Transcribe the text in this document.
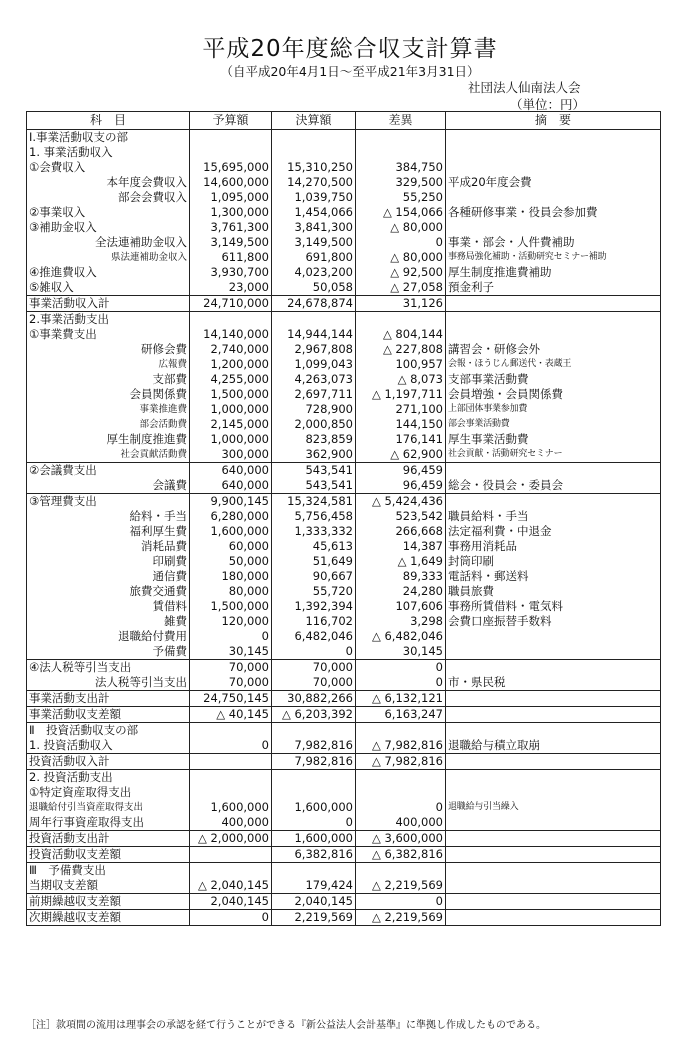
平成20年度総合収支計算書
（自平成20年4月1日～至平成21年3月31日）
社団法人仙南法人会
（単位：円）
科　目	予算額	決算額	差異	摘　要
Ⅰ.事業活動収支の部				
1. 事業活動収入				
①会費収入	15,695,000	15,310,250	384,750	
本年度会費収入	14,600,000	14,270,500	329,500	平成20年度会費
部会会費収入	1,095,000	1,039,750	55,250	
②事業収入	1,300,000	1,454,066	△ 154,066	各種研修事業・役員会参加費
③補助金収入	3,761,300	3,841,300	△ 80,000	
全法連補助金収入	3,149,500	3,149,500	0	事業・部会・人件費補助
県法連補助金収入	611,800	691,800	△ 80,000	事務局強化補助・活動研究セミナー補助
④推進費収入	3,930,700	4,023,200	△ 92,500	厚生制度推進費補助
⑤雑収入	23,000	50,058	△ 27,058	預金利子
事業活動収入計	24,710,000	24,678,874	31,126	
2.事業活動支出				
①事業費支出	14,140,000	14,944,144	△ 804,144	
研修会費	2,740,000	2,967,808	△ 227,808	講習会・研修会外
広報費	1,200,000	1,099,043	100,957	会報・ほうじん郵送代・表蔵王
支部費	4,255,000	4,263,073	△ 8,073	支部事業活動費
会員関係費	1,500,000	2,697,711	△ 1,197,711	会員増強・会員関係費
事業推進費	1,000,000	728,900	271,100	上部団体事業参加費
部会活動費	2,145,000	2,000,850	144,150	部会事業活動費
厚生制度推進費	1,000,000	823,859	176,141	厚生事業活動費
社会貢献活動費	300,000	362,900	△ 62,900	社会貢献・活動研究セミナー
②会議費支出	640,000	543,541	96,459	
会議費	640,000	543,541	96,459	総会・役員会・委員会
③管理費支出	9,900,145	15,324,581	△ 5,424,436	
給料・手当	6,280,000	5,756,458	523,542	職員給料・手当
福利厚生費	1,600,000	1,333,332	266,668	法定福利費・中退金
消耗品費	60,000	45,613	14,387	事務用消耗品
印刷費	50,000	51,649	△ 1,649	封筒印刷
通信費	180,000	90,667	89,333	電話料・郵送料
旅費交通費	80,000	55,720	24,280	職員旅費
賃借料	1,500,000	1,392,394	107,606	事務所賃借料・電気料
雑費	120,000	116,702	3,298	会費口座振替手数料
退職給付費用	0	6,482,046	△ 6,482,046	
予備費	30,145	0	30,145	
④法人税等引当支出	70,000	70,000	0	
法人税等引当支出	70,000	70,000	0	市・県民税
事業活動支出計	24,750,145	30,882,266	△ 6,132,121	
事業活動収支差額	△ 40,145	△ 6,203,392	6,163,247	
Ⅱ　投資活動収支の部				
1. 投資活動収入	0	7,982,816	△ 7,982,816	退職給与積立取崩
投資活動収入計		7,982,816	△ 7,982,816	
2. 投資活動支出				
①特定資産取得支出				
退職給付引当資産取得支出	1,600,000	1,600,000	0	退職給与引当繰入
周年行事資産取得支出	400,000	0	400,000	
投資活動支出計	△ 2,000,000	1,600,000	△ 3,600,000	
投資活動収支差額		6,382,816	△ 6,382,816	
Ⅲ　予備費支出				
当期収支差額	△ 2,040,145	179,424	△ 2,219,569	
前期繰越収支差額	2,040,145	2,040,145	0	
次期繰越収支差額	0	2,219,569	△ 2,219,569	
［注］款項間の流用は理事会の承認を経て行うことができる『新公益法人会計基準』に準拠し作成したものである。
